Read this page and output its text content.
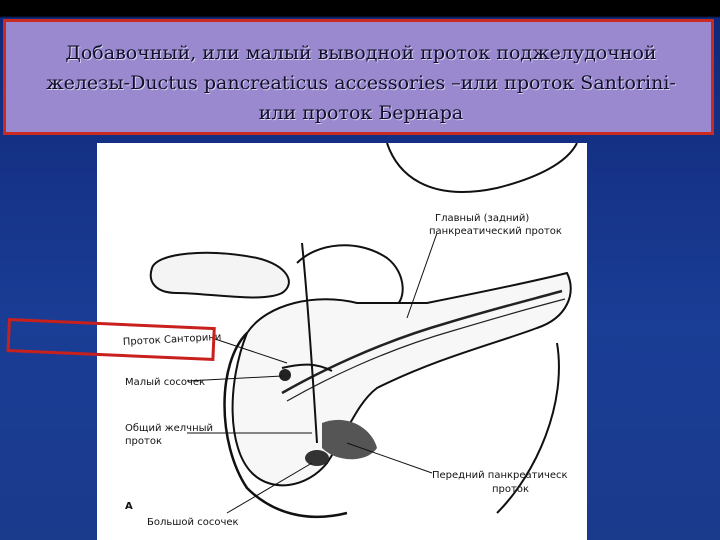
Добавочный, или малый выводной проток поджелудочной
железы-Ductus pancreaticus accessories –или проток Santorini-
или проток Бернара
Главный (задний)
панкреатический проток
Проток Санторини
Малый сосочек
Общий желчный
проток
Передний панкреатическ
проток
А
Большой сосочек
